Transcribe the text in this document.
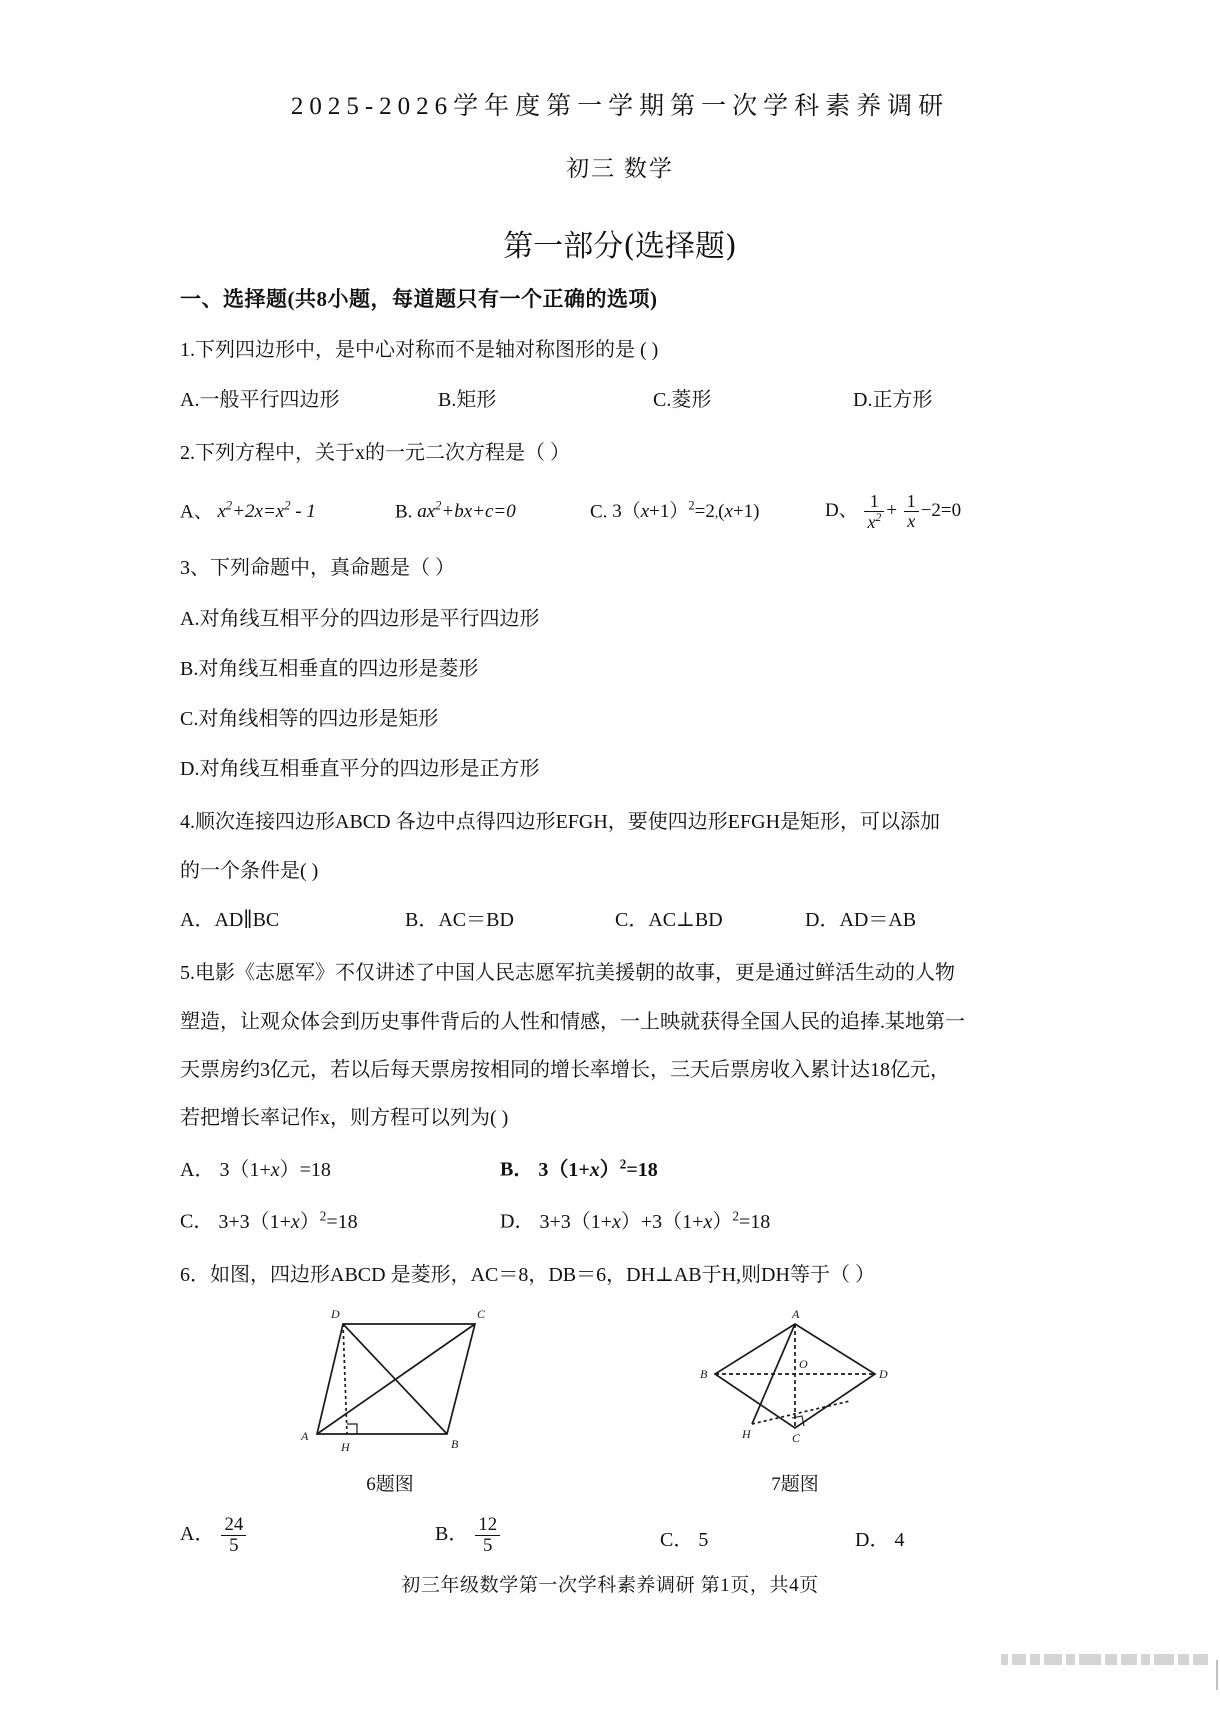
2025-2026学年度第一学期第一次学科素养调研
初三 数学
第一部分(选择题)
一、选择题(共8小题，每道题只有一个正确的选项)
1.下列四边形中，是中心对称而不是轴对称图形的是 ( )
A.一般平行四边形	B.矩形	C.菱形	D.正方形
2.下列方程中，关于x的一元二次方程是（ ）
A、 $x^2+2x=x^2 - 1$	B. $ax^2+bx+c=0$	C. $3(x+1)^2=2,(x+1)$	D、 $\frac{1}{x^2} + \frac{1}{x} -2=0$
3、下列命题中，真命题是（ ）
A.对角线互相平分的四边形是平行四边形
B.对角线互相垂直的四边形是菱形
C.对角线相等的四边形是矩形
D.对角线互相垂直平分的四边形是正方形
4.顺次连接四边形ABCD 各边中点得四边形EFGH，要使四边形EFGH是矩形，可以添加
的一个条件是( )
A．AD∥BC	B．AC＝BD	C．AC⊥BD	D．AD＝AB
5.电影《志愿军》不仅讲述了中国人民志愿军抗美援朝的故事，更是通过鲜活生动的人物
塑造，让观众体会到历史事件背后的人性和情感，一上映就获得全国人民的追捧.某地第一
天票房约3亿元，若以后每天票房按相同的增长率增长，三天后票房收入累计达18亿元，
若把增长率记作x，则方程可以列为( )
A． 3（1+x）=18	B． $3(1+x)^2=18$
C． $3+3(1+x)^2=18$	D． $3+3(1+x)+3(1+x)^2=18$
6．如图，四边形ABCD 是菱形，AC＝8，DB＝6，DH⊥AB于H,则DH等于（ ）
D	C
A
B
H
6题图
A
B	D
O
C
H
7题图
A． $\frac{24}{5}$	B． $\frac{12}{5}$	C． 5	D． 4
初三年级数学第一次学科素养调研 第1页，共4页
